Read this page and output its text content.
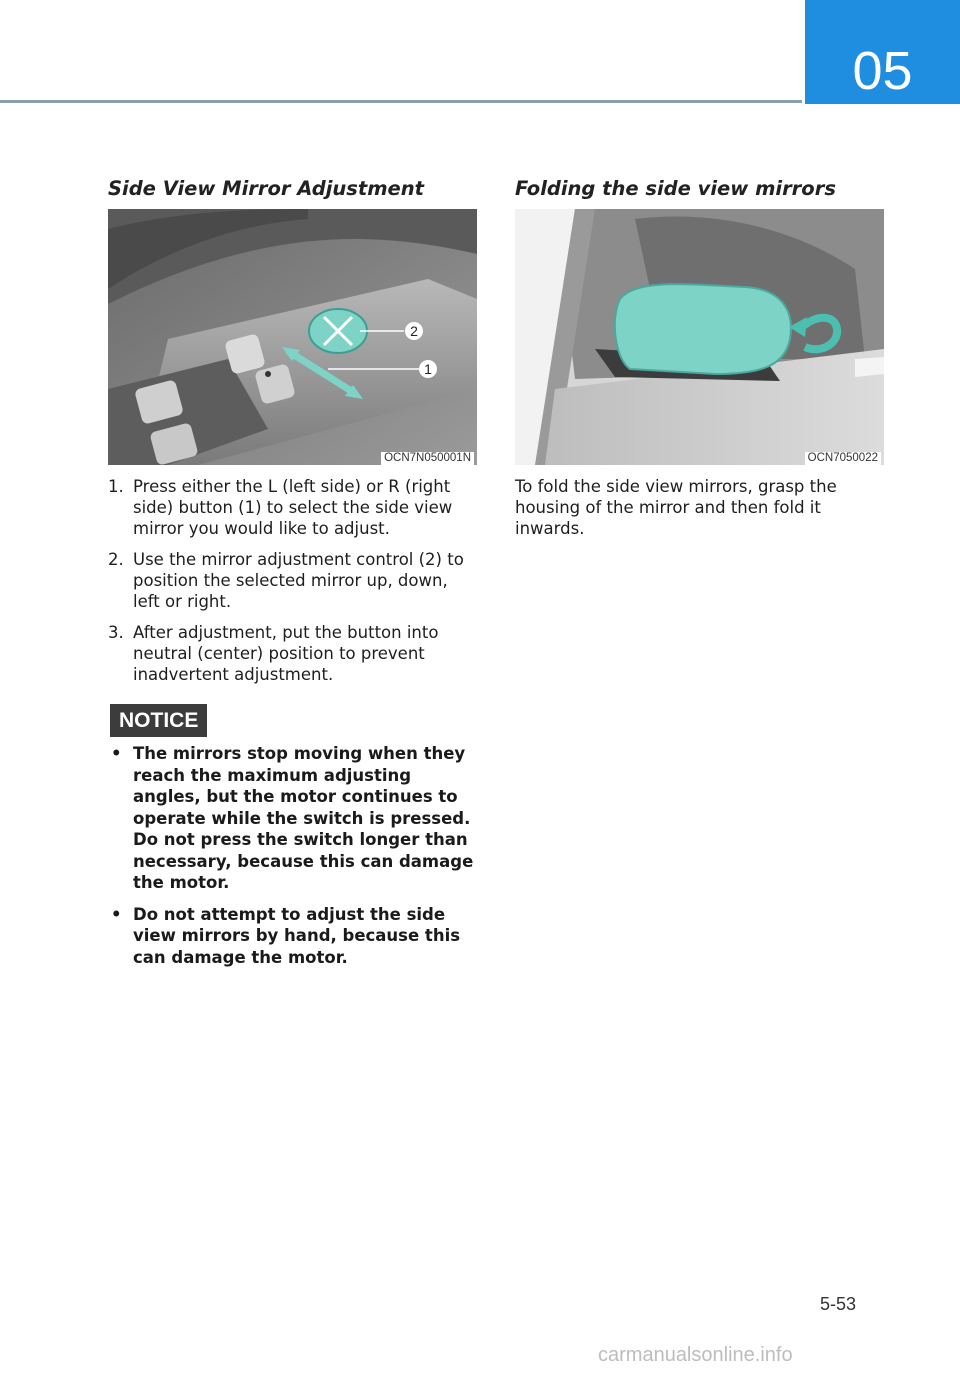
05
Side View Mirror Adjustment
2
1
OCN7N050001N
1. Press either the L (left side) or R (right side) button (1) to select the side view mirror you would like to adjust.
2. Use the mirror adjustment control (2) to position the selected mirror up, down, left or right.
3. After adjustment, put the button into neutral (center) position to prevent inadvertent adjustment.
NOTICE
• The mirrors stop moving when they reach the maximum adjusting angles, but the motor continues to operate while the switch is pressed. Do not press the switch longer than necessary, because this can damage the motor.
• Do not attempt to adjust the side view mirrors by hand, because this can damage the motor.
Folding the side view mirrors
OCN7050022

To fold the side view mirrors, grasp the housing of the mirror and then fold it inwards.

5-53
carmanualsonline.info
